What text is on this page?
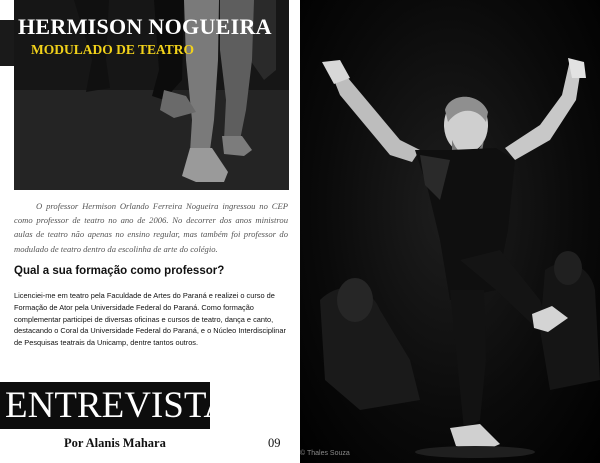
HERMISON NOGUEIRA
MODULADO DE TEATRO

O professor Hermison Orlando Ferreira Nogueira ingressou no CEP como professor de teatro no ano de 2006. No decorrer dos anos ministrou aulas de teatro não apenas no ensino regular, mas também foi professor do modulado de teatro dentro da escolinha de arte do colégio.

Qual a sua formação como professor?

Licenciei-me em teatro pela Faculdade de Artes do Paraná e realizei o curso de Formação de Ator pela Universidade Federal do Paraná. Como formação complementar participei de diversas oficinas e cursos de teatro, dança e canto, destacando o Coral da Universidade Federal do Paraná, e o Núcleo Interdisciplinar de Pesquisas teatrais da Unicamp, dentre tantos outros.

ENTREVISTA
Por Alanis Mahara	09
© Thales Souza
